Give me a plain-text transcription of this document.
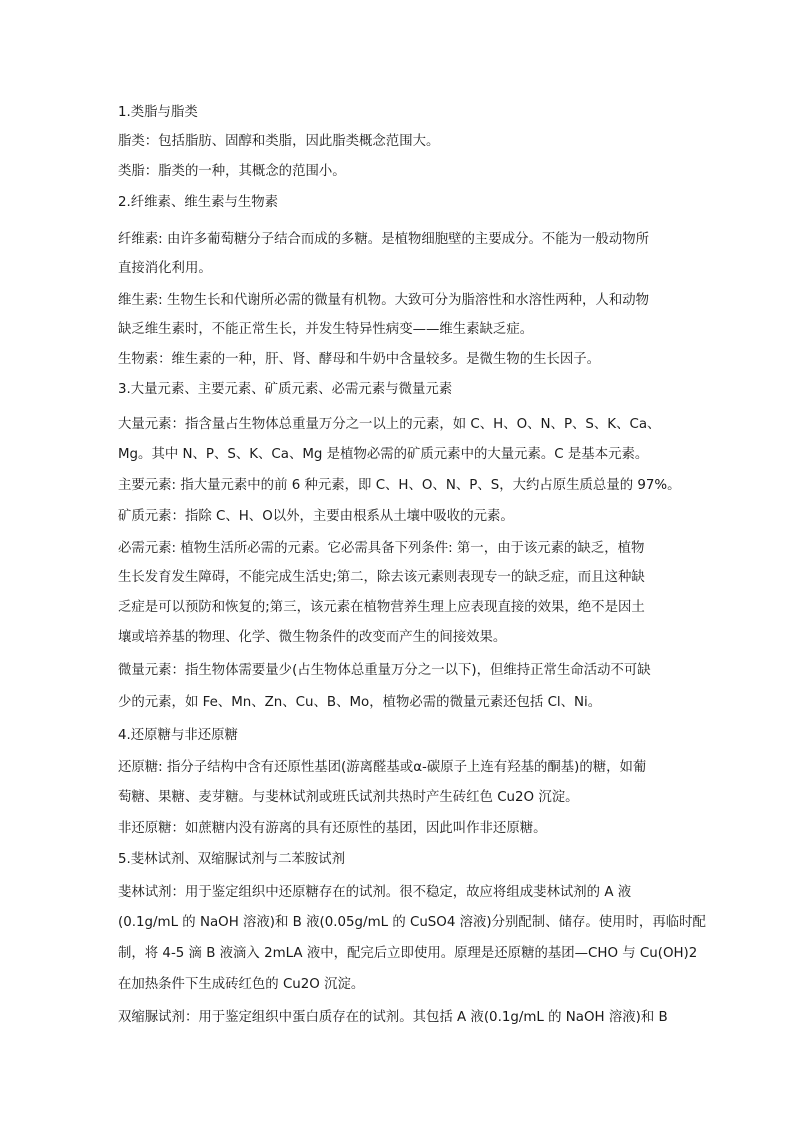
1.类脂与脂类
脂类：包括脂肪、固醇和类脂，因此脂类概念范围大。
类脂：脂类的一种，其概念的范围小。
2.纤维素、维生素与生物素
纤维素: 由许多葡萄糖分子结合而成的多糖。是植物细胞壁的主要成分。不能为一般动物所
直接消化利用。
维生素: 生物生长和代谢所必需的微量有机物。大致可分为脂溶性和水溶性两种，人和动物
缺乏维生素时，不能正常生长，并发生特异性病变——维生素缺乏症。
生物素：维生素的一种，肝、肾、酵母和牛奶中含量较多。是微生物的生长因子。
3.大量元素、主要元素、矿质元素、必需元素与微量元素
大量元素：指含量占生物体总重量万分之一以上的元素，如 C、H、O、N、P、S、K、Ca、
Mg。其中 N、P、S、K、Ca、Mg 是植物必需的矿质元素中的大量元素。C 是基本元素。
主要元素: 指大量元素中的前 6 种元素，即 C、H、O、N、P、S，大约占原生质总量的 97%。
矿质元素：指除 C、H、O以外，主要由根系从土壤中吸收的元素。
必需元素: 植物生活所必需的元素。它必需具备下列条件: 第一，由于该元素的缺乏，植物
生长发育发生障碍，不能完成生活史;第二，除去该元素则表现专一的缺乏症，而且这种缺
乏症是可以预防和恢复的;第三，该元素在植物营养生理上应表现直接的效果，绝不是因土
壤或培养基的物理、化学、微生物条件的改变而产生的间接效果。
微量元素：指生物体需要量少(占生物体总重量万分之一以下)，但维持正常生命活动不可缺
少的元素，如 Fe、Mn、Zn、Cu、B、Mo，植物必需的微量元素还包括 Cl、Ni。
4.还原糖与非还原糖
还原糖: 指分子结构中含有还原性基团(游离醛基或α-碳原子上连有羟基的酮基)的糖，如葡
萄糖、果糖、麦芽糖。与斐林试剂或班氏试剂共热时产生砖红色 Cu2O 沉淀。
非还原糖：如蔗糖内没有游离的具有还原性的基团，因此叫作非还原糖。
5.斐林试剂、双缩脲试剂与二苯胺试剂
斐林试剂：用于鉴定组织中还原糖存在的试剂。很不稳定，故应将组成斐林试剂的 A 液
(0.1g/mL 的 NaOH 溶液)和 B 液(0.05g/mL 的 CuSO4 溶液)分别配制、储存。使用时，再临时配
制，将 4-5 滴 B 液滴入 2mLA 液中，配完后立即使用。原理是还原糖的基团—CHO 与 Cu(OH)2
在加热条件下生成砖红色的 Cu2O 沉淀。
双缩脲试剂：用于鉴定组织中蛋白质存在的试剂。其包括 A 液(0.1g/mL 的 NaOH 溶液)和 B
